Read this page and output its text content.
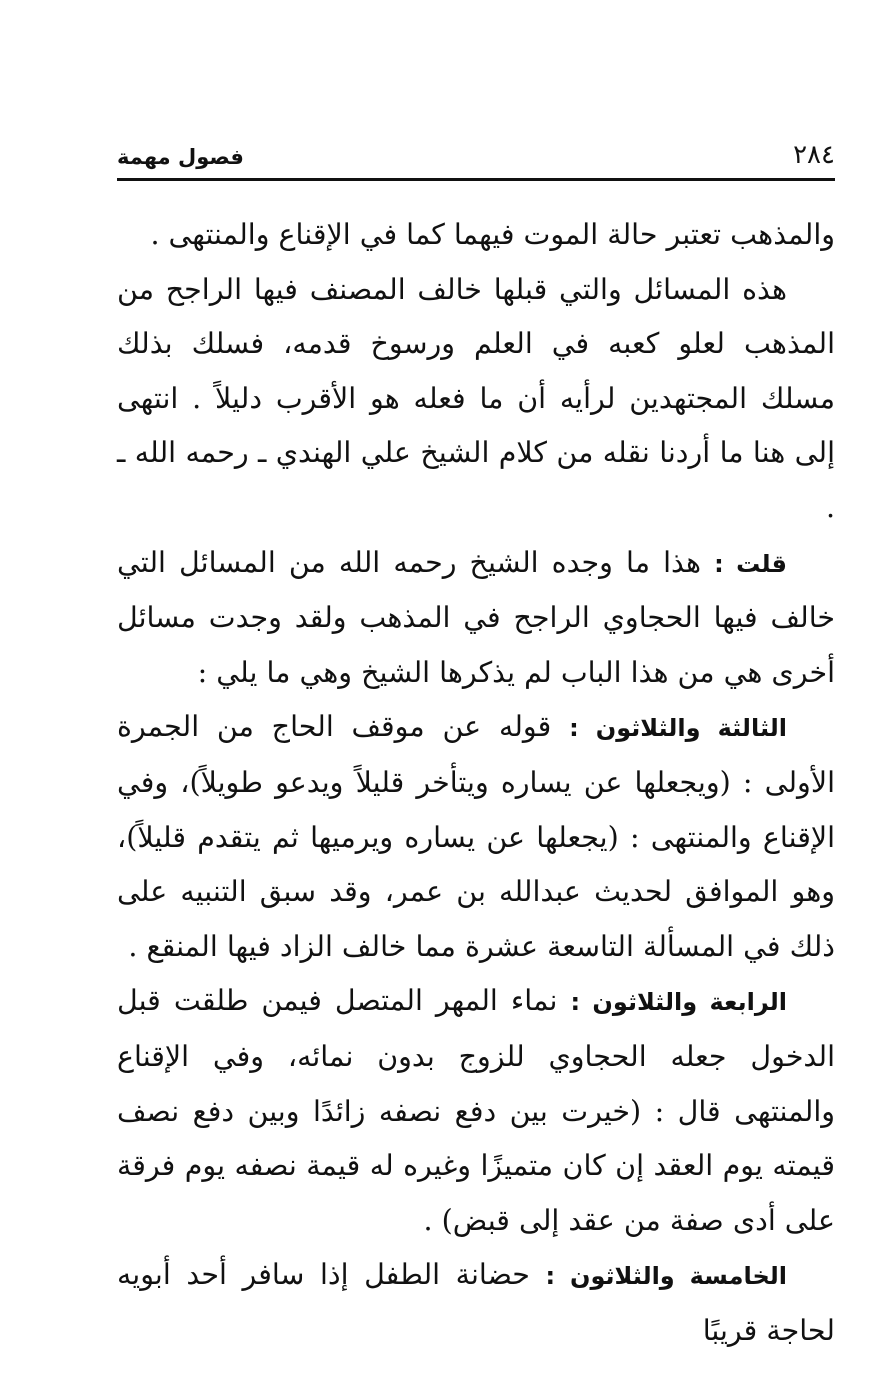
٢٨٤
فصول مهمة

والمذهب تعتبر حالة الموت فيهما كما في الإقناع والمنتهى .

هذه المسائل والتي قبلها خالف المصنف فيها الراجح من المذهب لعلو كعبه في العلم ورسوخ قدمه، فسلك بذلك مسلك المجتهدين لرأيه أن ما فعله هو الأقرب دليلاً . انتهى إلى هنا ما أردنا نقله من كلام الشيخ علي الهندي ـ رحمه الله ـ .

قلت : هذا ما وجده الشيخ رحمه الله من المسائل التي خالف فيها الحجاوي الراجح في المذهب ولقد وجدت مسائل أخرى هي من هذا الباب لم يذكرها الشيخ وهي ما يلي :

الثالثة والثلاثون : قوله عن موقف الحاج من الجمرة الأولى : (ويجعلها عن يساره ويتأخر قليلاً ويدعو طويلاً)، وفي الإقناع والمنتهى : (يجعلها عن يساره ويرميها ثم يتقدم قليلاً)، وهو الموافق لحديث عبدالله بن عمر، وقد سبق التنبيه على ذلك في المسألة التاسعة عشرة مما خالف الزاد فيها المنقع .

الرابعة والثلاثون : نماء المهر المتصل فيمن طلقت قبل الدخول جعله الحجاوي للزوج بدون نمائه، وفي الإقناع والمنتهى قال : (خيرت بين دفع نصفه زائدًا وبين دفع نصف قيمته يوم العقد إن كان متميزًا وغيره له قيمة نصفه يوم فرقة على أدى صفة من عقد إلى قبض) .

الخامسة والثلاثون : حضانة الطفل إذا سافر أحد أبويه لحاجة قريبًا
